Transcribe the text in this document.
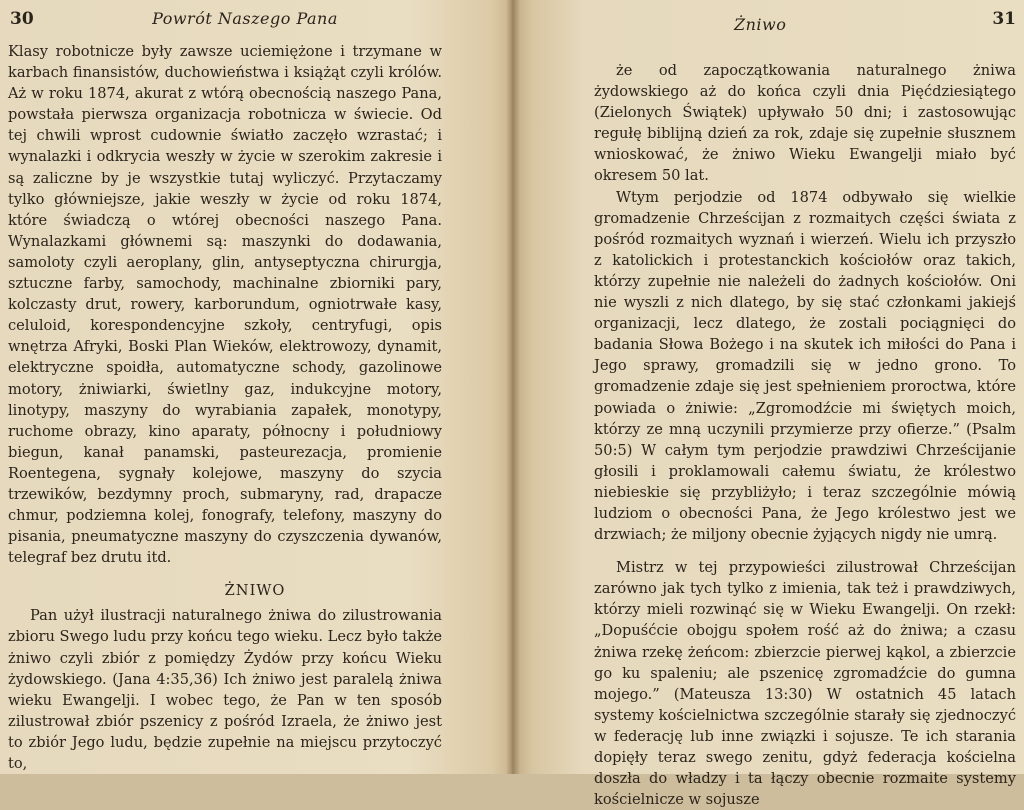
30	Powrót Naszego Pana

Klasy robotnicze były zawsze uciemiężone i trzymane w karbach finansistów, duchowieństwa i książąt czyli królów. Aż w roku 1874, akurat z wtórą obecnością naszego Pana, powstała pierwsza organizacja robotnicza w świecie. Od tej chwili wprost cudownie światło zaczęło wzrastać; i wynalazki i odkrycia weszły w życie w szerokim zakresie i są zaliczne by je wszystkie tutaj wyliczyć. Przytaczamy tylko główniejsze, jakie weszły w życie od roku 1874, które świadczą o wtórej obecności naszego Pana. Wynalazkami głównemi są: maszynki do dodawania, samoloty czyli aeroplany, glin, antyseptyczna chirurgja, sztuczne farby, samochody, machinalne zbiorniki pary, kolczasty drut, rowery, karborundum, ogniotrwałe kasy, celuloid, korespondencyjne szkoły, centryfugi, opis wnętrza Afryki, Boski Plan Wieków, elektrowozy, dynamit, elektryczne spoidła, automatyczne schody, gazolinowe motory, żniwiarki, świetlny gaz, indukcyjne motory, linotypy, maszyny do wyrabiania zapałek, monotypy, ruchome obrazy, kino aparaty, północny i południowy biegun, kanał panamski, pasteurezacja, promienie Roentegena, sygnały kolejowe, maszyny do szycia trzewików, bezdymny proch, submaryny, rad, drapacze chmur, podziemna kolej, fonografy, telefony, maszyny do pisania, pneumatyczne maszyny do czyszczenia dywanów, telegraf bez drutu itd.

ŻNIWO

Pan użył ilustracji naturalnego żniwa do zilustrowania zbioru Swego ludu przy końcu tego wieku. Lecz było także żniwo czyli zbiór z pomiędzy Żydów przy końcu Wieku żydowskiego. (Jana 4:35,36) Ich żniwo jest paralelą żniwa wieku Ewangelji. I wobec tego, że Pan w ten sposób zilustrował zbiór pszenicy z pośród Izraela, że żniwo jest to zbiór Jego ludu, będzie zupełnie na miejscu przytoczyć to,

Żniwo	31

że od zapoczątkowania naturalnego żniwa żydowskiego aż do końca czyli dnia Pięćdziesiątego (Zielonych Świątek) upływało 50 dni; i zastosowując regułę biblijną dzień za rok, zdaje się zupełnie słusznem wnioskować, że żniwo Wieku Ewangelji miało być okresem 50 lat.

Wtym perjodzie od 1874 odbywało się wielkie gromadzenie Chrześcijan z rozmaitych części świata z pośród rozmaitych wyznań i wierzeń. Wielu ich przyszło z katolickich i protestanckich kościołów oraz takich, którzy zupełnie nie należeli do żadnych kościołów. Oni nie wyszli z nich dlatego, by się stać członkami jakiejś organizacji, lecz dlatego, że zostali pociągnięci do badania Słowa Bożego i na skutek ich miłości do Pana i Jego sprawy, gromadzili się w jedno grono. To gromadzenie zdaje się jest spełnieniem proroctwa, które powiada o żniwie: „Zgromodźcie mi świętych moich, którzy ze mną uczynili przymierze przy ofierze.” (Psalm 50:5) W całym tym perjodzie prawdziwi Chrześcijanie głosili i proklamowali całemu światu, że królestwo niebieskie się przybliżyło; i teraz szczególnie mówią ludziom o obecności Pana, że Jego królestwo jest we drzwiach; że miljony obecnie żyjących nigdy nie umrą.

Mistrz w tej przypowieści zilustrował Chrześcijan zarówno jak tych tylko z imienia, tak też i prawdziwych, którzy mieli rozwinąć się w Wieku Ewangelji. On rzekł: „Dopuśćcie obojgu społem rość aż do żniwa; a czasu żniwa rzekę żeńcom: zbierzcie pierwej kąkol, a zbierzcie go ku spaleniu; ale pszenicę zgromadźcie do gumna mojego.” (Mateusza 13:30) W ostatnich 45 latach systemy kościelnictwa szczególnie starały się zjednoczyć w federację lub inne związki i sojusze. Te ich starania dopięły teraz swego zenitu, gdyż federacja kościelna doszła do władzy i ta łączy obecnie rozmaite systemy kościelnicze w sojusze
